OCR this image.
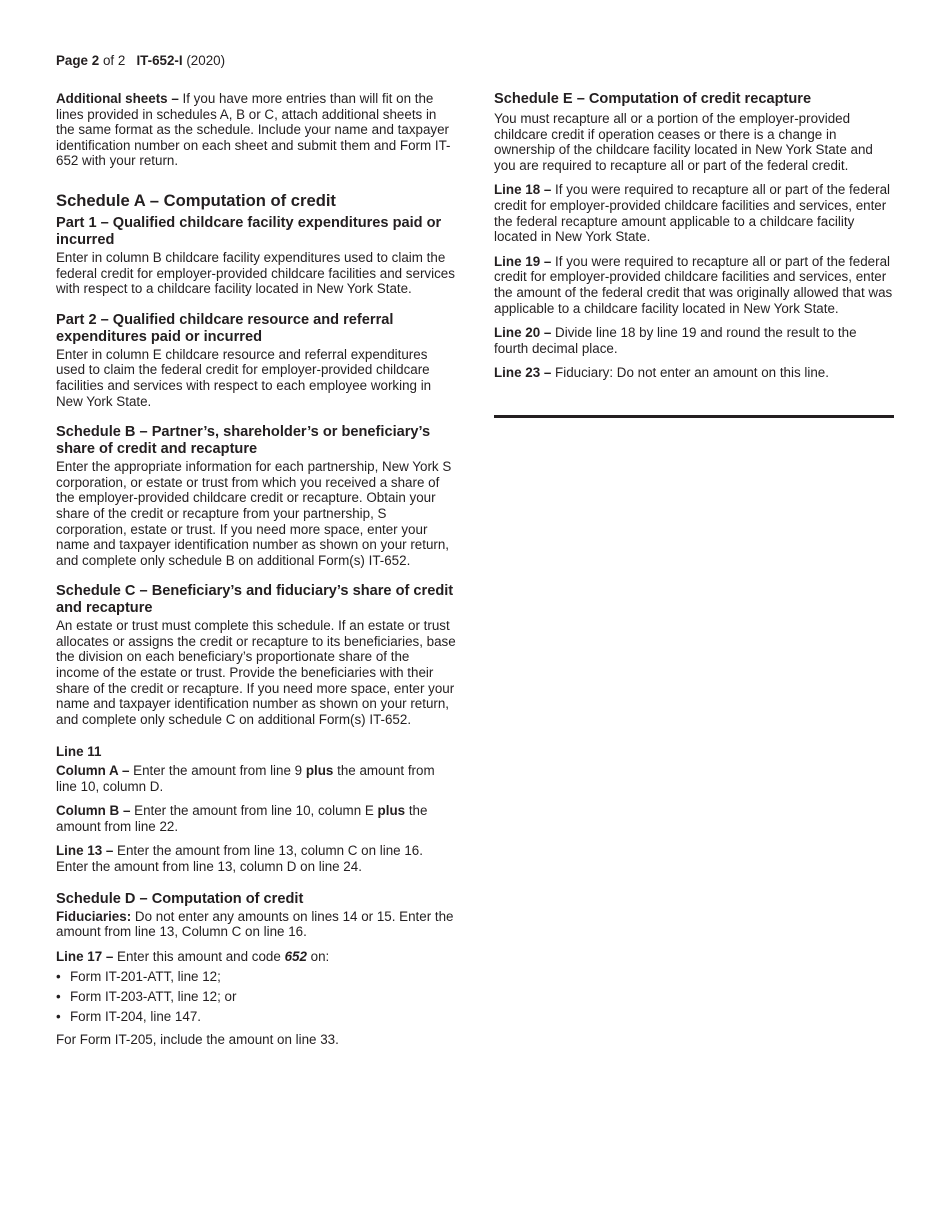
Page 2 of 2 IT-652-I (2020)

Additional sheets – If you have more entries than will fit on the lines provided in schedules A, B or C, attach additional sheets in the same format as the schedule. Include your name and taxpayer identification number on each sheet and submit them and Form IT-652 with your return.

Schedule A – Computation of credit
Part 1 – Qualified childcare facility expenditures paid or incurred

Enter in column B childcare facility expenditures used to claim the federal credit for employer-provided childcare facilities and services with respect to a childcare facility located in New York State.

Part 2 – Qualified childcare resource and referral expenditures paid or incurred

Enter in column E childcare resource and referral expenditures used to claim the federal credit for employer-provided childcare facilities and services with respect to each employee working in New York State.

Schedule B – Partner’s, shareholder’s or beneficiary’s share of credit and recapture

Enter the appropriate information for each partnership, New York S corporation, or estate or trust from which you received a share of the employer-provided childcare credit or recapture. Obtain your share of the credit or recapture from your partnership, S corporation, estate or trust. If you need more space, enter your name and taxpayer identification number as shown on your return, and complete only schedule B on additional Form(s) IT-652.

Schedule C – Beneficiary’s and fiduciary’s share of credit and recapture

An estate or trust must complete this schedule. If an estate or trust allocates or assigns the credit or recapture to its beneficiaries, base the division on each beneficiary’s proportionate share of the income of the estate or trust. Provide the beneficiaries with their share of the credit or recapture. If you need more space, enter your name and taxpayer identification number as shown on your return, and complete only schedule C on additional Form(s) IT-652.

Line 11

Column A – Enter the amount from line 9 plus the amount from line 10, column D.

Column B – Enter the amount from line 10, column E plus the amount from line 22.

Line 13 – Enter the amount from line 13, column C on line 16. Enter the amount from line 13, column D on line 24.

Schedule D – Computation of credit

Fiduciaries: Do not enter any amounts on lines 14 or 15. Enter the amount from line 13, Column C on line 16.

Line 17 – Enter this amount and code 652 on:

• Form IT-201-ATT, line 12;
• Form IT-203-ATT, line 12; or
• Form IT-204, line 147.

For Form IT-205, include the amount on line 33.

Schedule E – Computation of credit recapture

You must recapture all or a portion of the employer-provided childcare credit if operation ceases or there is a change in ownership of the childcare facility located in New York State and you are required to recapture all or part of the federal credit.

Line 18 – If you were required to recapture all or part of the federal credit for employer-provided childcare facilities and services, enter the federal recapture amount applicable to a childcare facility located in New York State.

Line 19 – If you were required to recapture all or part of the federal credit for employer-provided childcare facilities and services, enter the amount of the federal credit that was originally allowed that was applicable to a childcare facility located in New York State.

Line 20 – Divide line 18 by line 19 and round the result to the fourth decimal place.

Line 23 – Fiduciary: Do not enter an amount on this line.
